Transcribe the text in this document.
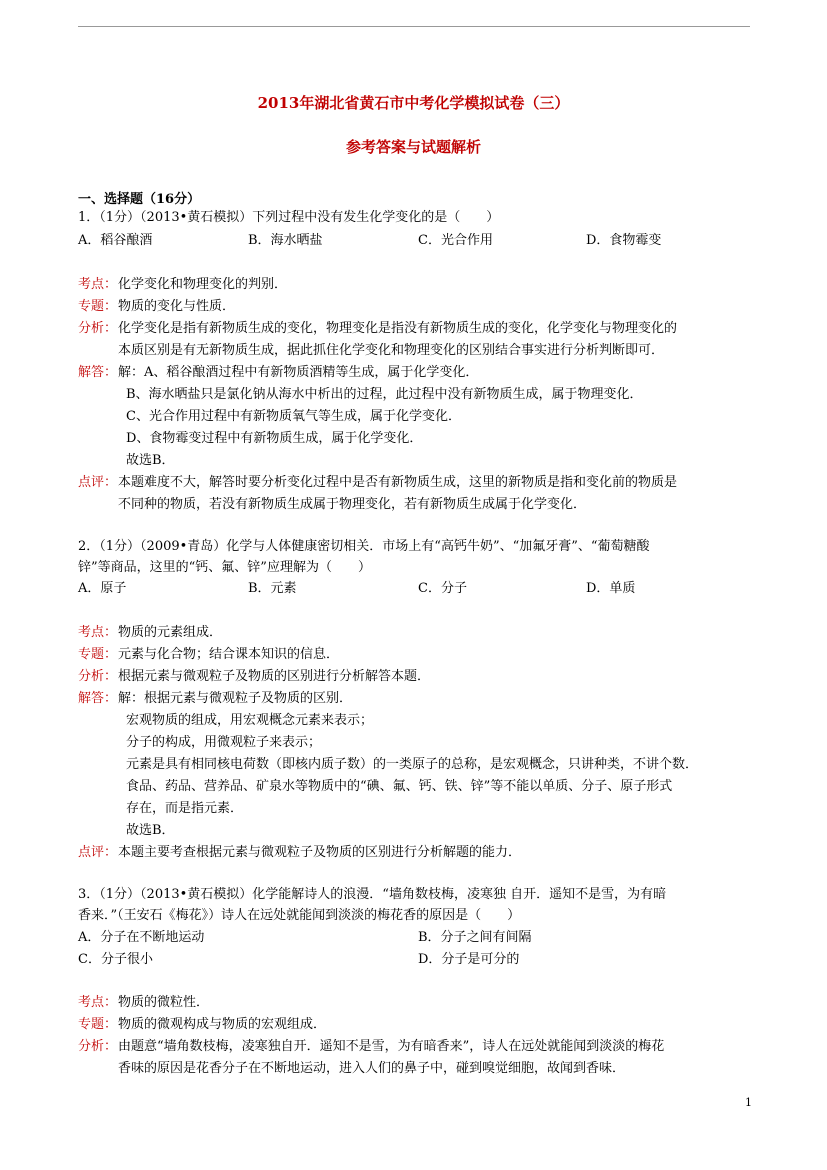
2013年湖北省黄石市中考化学模拟试卷（三）
参考答案与试题解析
一、选择题（16分）
1．（1分）（2013•黄石模拟）下列过程中没有发生化学变化的是（　　）
A．稻谷酿酒	B．海水晒盐	C．光合作用	D．食物霉变
考点： 化学变化和物理变化的判别．
专题： 物质的变化与性质．
分析： 化学变化是指有新物质生成的变化，物理变化是指没有新物质生成的变化，化学变化与物理变化的
本质区别是有无新物质生成，据此抓住化学变化和物理变化的区别结合事实进行分析判断即可．
解答： 解：A、稻谷酿酒过程中有新物质酒精等生成，属于化学变化．
B、海水晒盐只是氯化钠从海水中析出的过程，此过程中没有新物质生成，属于物理变化．
C、光合作用过程中有新物质氧气等生成，属于化学变化．
D、食物霉变过程中有新物质生成，属于化学变化．
故选B．
点评： 本题难度不大，解答时要分析变化过程中是否有新物质生成，这里的新物质是指和变化前的物质是
不同种的物质，若没有新物质生成属于物理变化，若有新物质生成属于化学变化．
2．（1分）（2009•青岛）化学与人体健康密切相关．市场上有“高钙牛奶”、“加氟牙膏”、“葡萄糖酸
锌”等商品，这里的“钙、氟、锌”应理解为（　　）
A．原子	B．元素	C．分子	D．单质
考点： 物质的元素组成．
专题： 元素与化合物；结合课本知识的信息．
分析： 根据元素与微观粒子及物质的区别进行分析解答本题．
解答： 解：根据元素与微观粒子及物质的区别．
宏观物质的组成，用宏观概念元素来表示；
分子的构成，用微观粒子来表示；
元素是具有相同核电荷数（即核内质子数）的一类原子的总称，是宏观概念，只讲种类，不讲个数．
食品、药品、营养品、矿泉水等物质中的“碘、氟、钙、铁、锌”等不能以单质、分子、原子形式
存在，而是指元素．
故选B．
点评： 本题主要考查根据元素与微观粒子及物质的区别进行分析解题的能力．
3．（1分）（2013•黄石模拟）化学能解诗人的浪漫．“墙角数枝梅，凌寒独 自开．遥知不是雪，为有暗
香来．”（王安石《梅花》）诗人在远处就能闻到淡淡的梅花香的原因是（　　）
A．分子在不断地运动	B．分子之间有间隔
C．分子很小	D．分子是可分的
考点： 物质的微粒性．
专题： 物质的微观构成与物质的宏观组成．
分析： 由题意“墙角数枝梅，凌寒独自开．遥知不是雪，为有暗香来”，诗人在远处就能闻到淡淡的梅花
香味的原因是花香分子在不断地运动，进入人们的鼻子中，碰到嗅觉细胞，故闻到香味．
1
